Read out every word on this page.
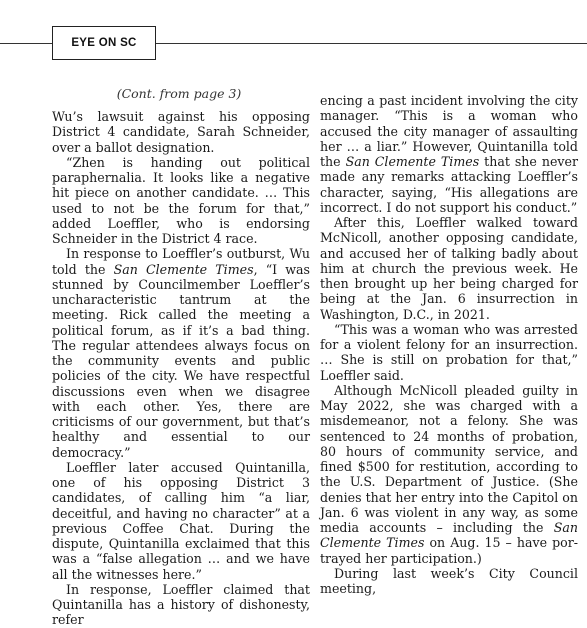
EYE ON SC
(Cont. from page 3)

Wu’s lawsuit against his opposing District 4 candidate, Sarah Schneider, over a ballot designation.

“Zhen is handing out political paraphernalia. It looks like a negative hit piece on another candidate. … This used to not be the forum for that,” added Loeffler, who is endorsing Schneider in the District 4 race.

In response to Loeffler’s outburst, Wu told the San Clemente Times, “I was stunned by Councilmember Loeffler’s uncharacteristic tantrum at the meeting. Rick called the meeting a political forum, as if it’s a bad thing. The regular attendees always focus on the community events and public policies of the city. We have respectful discussions even when we disagree with each other. Yes, there are criticisms of our government, but that’s healthy and essential to our democracy.”

Loeffler later accused Quintanilla, one of his opposing District 3 candidates, of calling him “a liar, deceitful, and having no character” at a previous Coffee Chat. During the dispute, Quintanilla exclaimed that this was a “false allegation … and we have all the witnesses here.”

In response, Loeffler claimed that Quintanilla has a history of dishonesty, refer

encing a past incident involving the city manager. “This is a woman who accused the city manager of assaulting her … a liar.” However, Quintanilla told the San Clemente Times that she never made any remarks attacking Loeffler’s character, saying, “His allegations are incorrect. I do not support his conduct.”

After this, Loeffler walked toward McNicoll, another opposing candidate, and accused her of talking badly about him at church the previous week. He then brought up her being charged for being at the Jan. 6 insurrection in Washington, D.C., in 2021.

“This was a woman who was arrested for a violent felony for an insurrection. … She is still on probation for that,” Loeffler said.

Although McNicoll pleaded guilty in May 2022, she was charged with a misdemeanor, not a felony. She was sentenced to 24 months of probation, 80 hours of community service, and fined $500 for restitution, according to the U.S. Department of Justice. (She denies that her entry into the Capitol on Jan. 6 was violent in any way, as some media accounts – including the San Clemente Times on Aug. 15 – have portrayed her participation.)

During last week’s City Council meeting,
